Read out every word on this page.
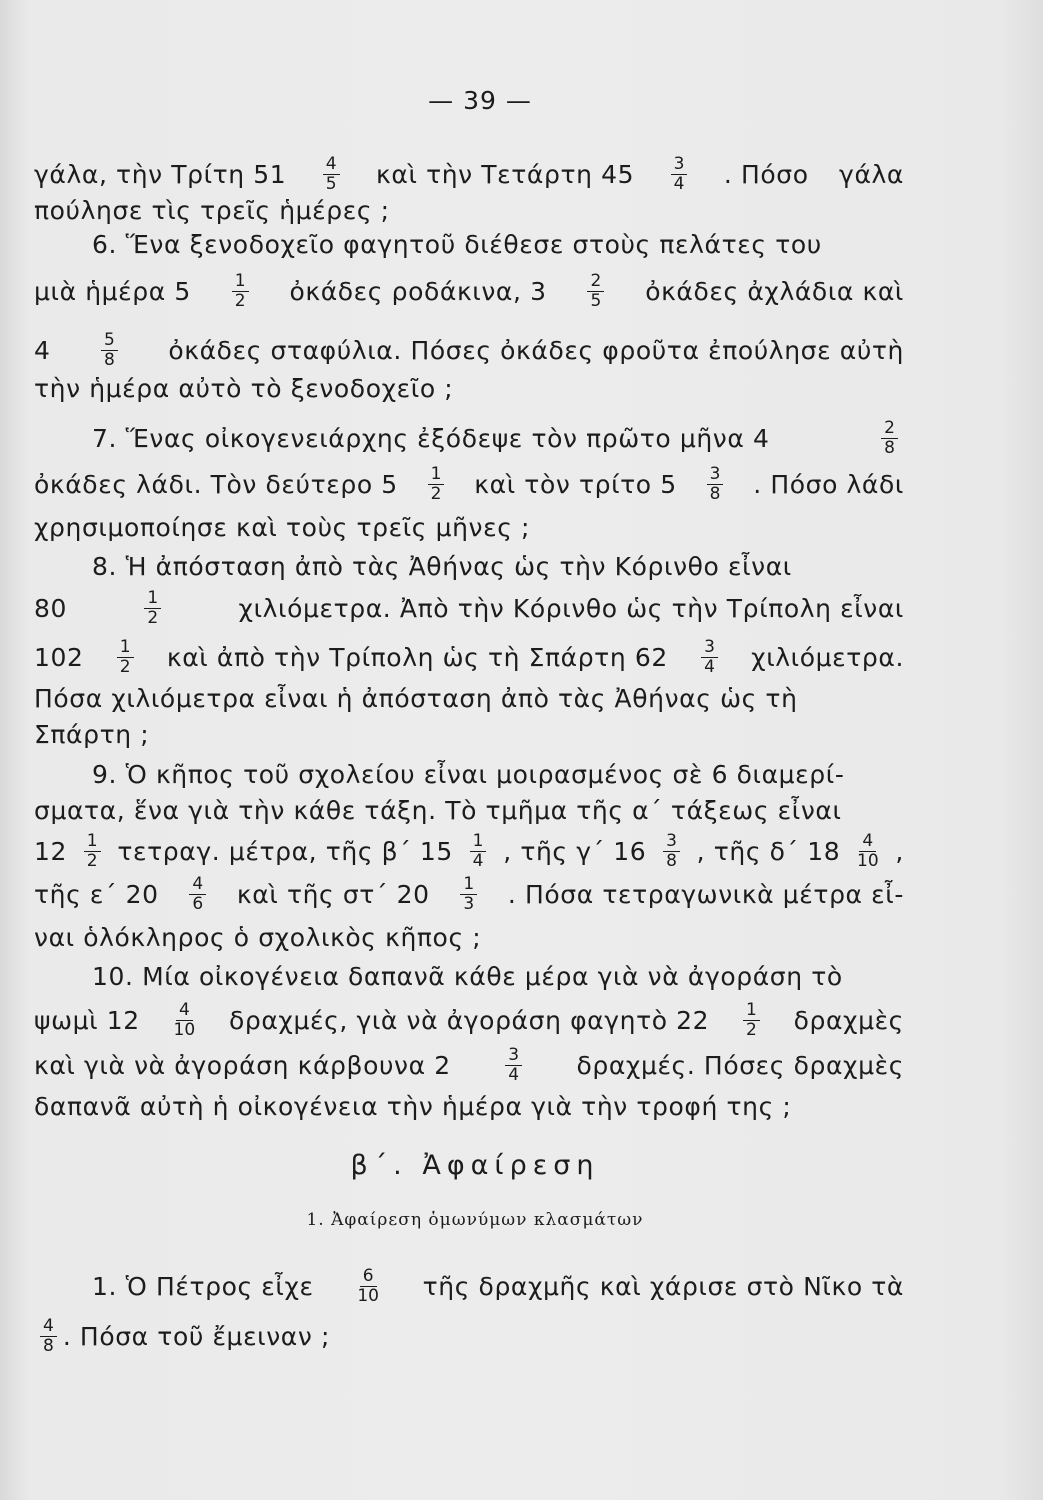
— 39 —
γάλα, τὴν Τρίτη $51 \frac{4}{5}$ καὶ τὴν Τετάρτη $45 \frac{3}{4}$ . Πόσο γάλα
πούλησε τὶς τρεῖς ἡμέρες ;
6. Ἕνα ξενοδοχεῖο φαγητοῦ διέθεσε στοὺς πελάτες του
μιὰ ἡμέρα $5 \frac{1}{2}$ ὀκάδες ροδάκινα, $3 \frac{2}{5}$ ὀκάδες ἀχλάδια καὶ
4	$\frac{5}{8}$ ὀκάδες σταφύλια. Πόσες ὀκάδες φροῦτα ἐπούλησε αὐτὴ
τὴν ἡμέρα αὐτὸ τὸ ξενοδοχεῖο ;
7. Ἕνας οἰκογενειάρχης ἐξόδεψε τὸν πρῶτο μῆνα 4	$\frac{2}{8}$
ὀκάδες λάδι. Τὸν δεύτερο $5 \frac{1}{2}$ καὶ τὸν τρίτο $5 \frac{3}{8}$ . Πόσο λάδι
χρησιμοποίησε καὶ τοὺς τρεῖς μῆνες ;
8. Ἡ ἀπόσταση ἀπὸ τὰς Ἀθήνας ὡς τὴν Κόρινθο εἶναι
80	$\frac{1}{2}$	χιλιόμετρα. Ἀπὸ τὴν Κόρινθο ὡς τὴν Τρίπολη εἶναι
$102 \frac{1}{2}$ καὶ ἀπὸ τὴν Τρίπολη ὡς τὴ Σπάρτη $62 \frac{3}{4} \chi\iota\lambda\iota ό\mu\varepsilon\tau\rho\alpha$.
Πόσα χιλιόμετρα εἶναι ἡ ἀπόσταση ἀπὸ τὰς Ἀθήνας ὡς τὴ
Σπάρτη ;
9. Ὁ κῆπος τοῦ σχολείου εἶναι μοιρασμένος σὲ 6 διαμερί-
σματα, ἕνα γιὰ τὴν κάθε τάξη. Τὸ τμῆμα τῆς α΄ τάξεως εἶναι
$12 \frac{1}{2} \tau\varepsilon\tau\rho\alpha\gamma$. μέτρα, τῆς β΄ $15 \frac{1}{4}$ , τῆς γ΄ $16 \frac{3}{8}$ , τῆς δ΄ $18 \frac{4}{10}$ ,
τῆς ε΄ $20 \frac{4}{6}$ καὶ τῆς στ΄ $20 \frac{1}{3}$ . Πόσα τετραγωνικὰ μέτρα εἶ-
ναι ὁλόκληρος ὁ σχολικὸς κῆπος ;
10. Μία οἰκογένεια δαπανᾶ κάθε μέρα γιὰ νὰ ἀγοράση τὸ
ψωμὶ $12 \frac{4}{10} \delta\rho\alpha\chi\mu έ\varsigma$, γιὰ νὰ ἀγοράση φαγητὸ $22 \frac{1}{2}$ δραχμὲς
καὶ γιὰ νὰ ἀγοράση κάρβουνα 2	$\frac{3}{4} \delta\rho\alpha\chi\mu έ\varsigma$. Πόσες δραχμὲς
δαπανᾶ αὐτὴ ἡ οἰκογένεια τὴν ἡμέρα γιὰ τὴν τροφή της ;
1. Ὁ Πέτρος εἶχε	$\frac{6}{10}$ τῆς δραχμῆς καὶ χάρισε στὸ Νῖκο τὰ
$\frac{4}{8}$ . Πόσα τοῦ ἔμειναν ;
β΄. Ἀφαίρεση
1. Ἀφαίρεση ὁμωνύμων κλασμάτων
